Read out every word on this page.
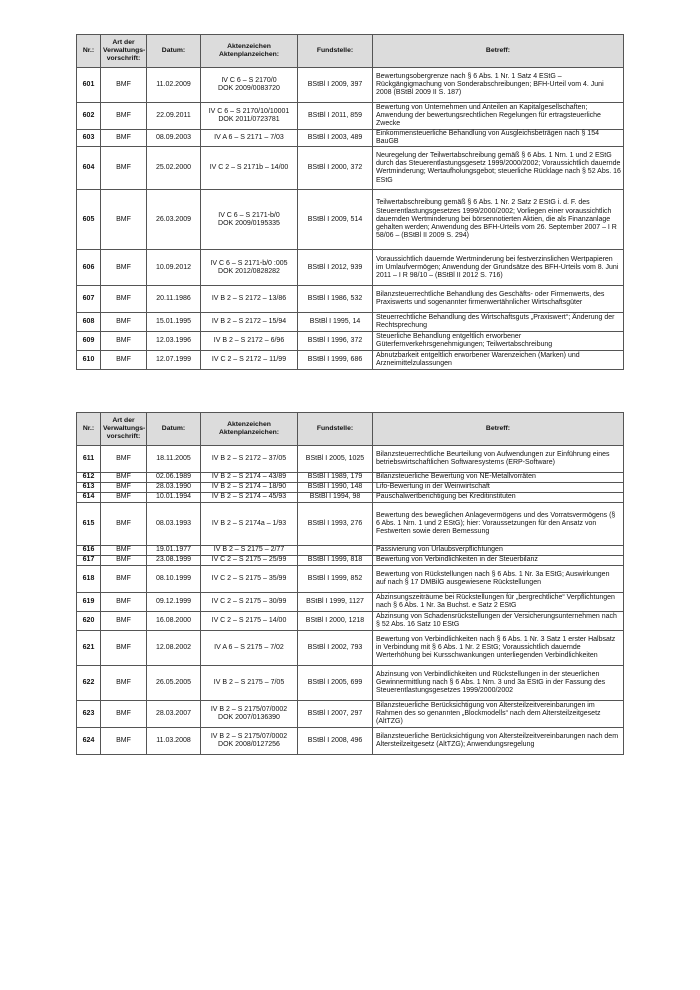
Nr.:	Art der Verwaltungs-vorschrift:	Datum:	Aktenzeichen Aktenplanzeichen:	Fundstelle:	Betreff:
601	BMF	11.02.2009	IV C 6 – S 2170/0
DOK 2009/0083720	BStBl I 2009, 397	Bewertungsobergrenze nach § 6 Abs. 1 Nr. 1 Satz 4 EStG – Rückgängigmachung von Sonderabschreibungen; BFH-Urteil vom 4. Juni 2008 (BStBl 2009 II S. 187)
602	BMF	22.09.2011	IV C 6 – S 2170/10/10001
DOK 2011/0723781	BStBl I 2011, 859	Bewertung von Unternehmen und Anteilen an Kapitalgesellschaften; Anwendung der bewertungsrechtlichen Regelungen für ertragsteuerliche Zwecke
603	BMF	08.09.2003	IV A 6 – S 2171 – 7/03	BStBl I 2003, 489	Einkommensteuerliche Behandlung von Ausgleichsbeträgen nach § 154 BauGB
604	BMF	25.02.2000	IV C 2 – S 2171b – 14/00	BStBl I 2000, 372	Neuregelung der Teilwertabschreibung gemäß § 6 Abs. 1 Nrn. 1 und 2 EStG durch das Steuerentlastungsgesetz 1999/2000/2002; Voraussichtlich dauernde Wertminderung; Wertaufholungsgebot; steuerliche Rücklage nach § 52 Abs. 16 EStG
605	BMF	26.03.2009	IV C 6 – S 2171-b/0
DOK 2009/0195335	BStBl I 2009, 514	Teilwertabschreibung gemäß § 6 Abs. 1 Nr. 2 Satz 2 EStG i. d. F. des Steuerentlastungsgesetzes 1999/2000/2002; Vorliegen einer voraussichtlich dauernden Wertminderung bei börsennotierten Aktien, die als Finanzanlage gehalten werden; Anwendung des BFH-Urteils vom 26. September 2007 – I R 58/06 – (BStBl II 2009 S. 294)
606	BMF	10.09.2012	IV C 6 – S 2171-b/0 :005
DOK 2012/0828282	BStBl I 2012, 939	Voraussichtlich dauernde Wertminderung bei festverzinslichen Wertpapieren im Umlaufvermögen; Anwendung der Grundsätze des BFH-Urteils vom 8. Juni 2011 – I R 98/10 – (BStBl II 2012 S. 716)
607	BMF	20.11.1986	IV B 2 – S 2172 – 13/86	BStBl I 1986, 532	Bilanzsteuerrechtliche Behandlung des Geschäfts- oder Firmenwerts, des Praxiswerts und sogenannter firmenwertähnlicher Wirtschaftsgüter
608	BMF	15.01.1995	IV B 2 – S 2172 – 15/94	BStBl I 1995, 14	Steuerrechtliche Behandlung des Wirtschaftsguts „Praxiswert“; Änderung der Rechtsprechung
609	BMF	12.03.1996	IV B 2 – S 2172 – 6/96	BStBl I 1996, 372	Steuerliche Behandlung entgeltlich erworbener Güterfernverkehrsgenehmigungen; Teilwertabschreibung
610	BMF	12.07.1999	IV C 2 – S 2172 – 11/99	BStBl I 1999, 686	Abnutzbarkeit entgeltlich erworbener Warenzeichen (Marken) und Arzneimittelzulassungen
Nr.:	Art der Verwaltungs-vorschrift:	Datum:	Aktenzeichen Aktenplanzeichen:	Fundstelle:	Betreff:
611	BMF	18.11.2005	IV B 2 – S 2172 – 37/05	BStBl I 2005, 1025	Bilanzsteuerrechtliche Beurteilung von Aufwendungen zur Einführung eines betriebswirtschaftlichen Softwaresystems (ERP-Software)
612	BMF	02.06.1989	IV B 2 – S 2174 – 43/89	BStBl I 1989, 179	Bilanzsteuerliche Bewertung von NE-Metallvorräten
613	BMF	28.03.1990	IV B 2 – S 2174 – 18/90	BStBl I 1990, 148	Lifo-Bewertung in der Weinwirtschaft
614	BMF	10.01.1994	IV B 2 – S 2174 – 45/93	BStBl I 1994, 98	Pauschalwertberichtigung bei Kreditinstituten
615	BMF	08.03.1993	IV B 2 – S 2174a – 1/93	BStBl I 1993, 276	Bewertung des beweglichen Anlagevermögens und des Vorratsvermögens (§ 6 Abs. 1 Nrn. 1 und 2 EStG); hier: Voraussetzungen für den Ansatz von Festwerten sowie deren Bemessung
616	BMF	19.01.1977	IV B 2 – S 2175 – 2/77		Passivierung von Urlaubsverpflichtungen
617	BMF	23.08.1999	IV C 2 – S 2175 – 25/99	BStBl I 1999, 818	Bewertung von Verbindlichkeiten in der Steuerbilanz
618	BMF	08.10.1999	IV C 2 – S 2175 – 35/99	BStBl I 1999, 852	Bewertung von Rückstellungen nach § 6 Abs. 1 Nr. 3a EStG; Auswirkungen auf nach § 17 DMBilG ausgewiesene Rückstellungen
619	BMF	09.12.1999	IV C 2 – S 2175 – 30/99	BStBl I 1999, 1127	Abzinsungszeiträume bei Rückstellungen für „bergrechtliche“ Verpflichtungen nach § 6 Abs. 1 Nr. 3a Buchst. e Satz 2 EStG
620	BMF	16.08.2000	IV C 2 – S 2175 – 14/00	BStBl I 2000, 1218	Abzinsung von Schadensrückstellungen der Versicherungsunternehmen nach § 52 Abs. 16 Satz 10 EStG
621	BMF	12.08.2002	IV A 6 – S 2175 – 7/02	BStBl I 2002, 793	Bewertung von Verbindlichkeiten nach § 6 Abs. 1 Nr. 3 Satz 1 erster Halbsatz in Verbindung mit § 6 Abs. 1 Nr. 2 EStG; Voraussichtlich dauernde Werterhöhung bei Kursschwankungen unterliegenden Verbindlichkeiten
622	BMF	26.05.2005	IV B 2 – S 2175 – 7/05	BStBl I 2005, 699	Abzinsung von Verbindlichkeiten und Rückstellungen in der steuerlichen Gewinnermittlung nach § 6 Abs. 1 Nrn. 3 und 3a EStG in der Fassung des Steuerentlastungsgesetzes 1999/2000/2002
623	BMF	28.03.2007	IV B 2 – S 2175/07/0002
DOK 2007/0136390	BStBl I 2007, 297	Bilanzsteuerliche Berücksichtigung von Altersteilzeitvereinbarungen im Rahmen des so genannten „Blockmodells“ nach dem Altersteilzeitgesetz (AltTZG)
624	BMF	11.03.2008	IV B 2 – S 2175/07/0002
DOK 2008/0127256	BStBl I 2008, 496	Bilanzsteuerliche Berücksichtigung von Altersteilzeitvereinbarungen nach dem Altersteilzeitgesetz (AltTZG); Anwendungsregelung
